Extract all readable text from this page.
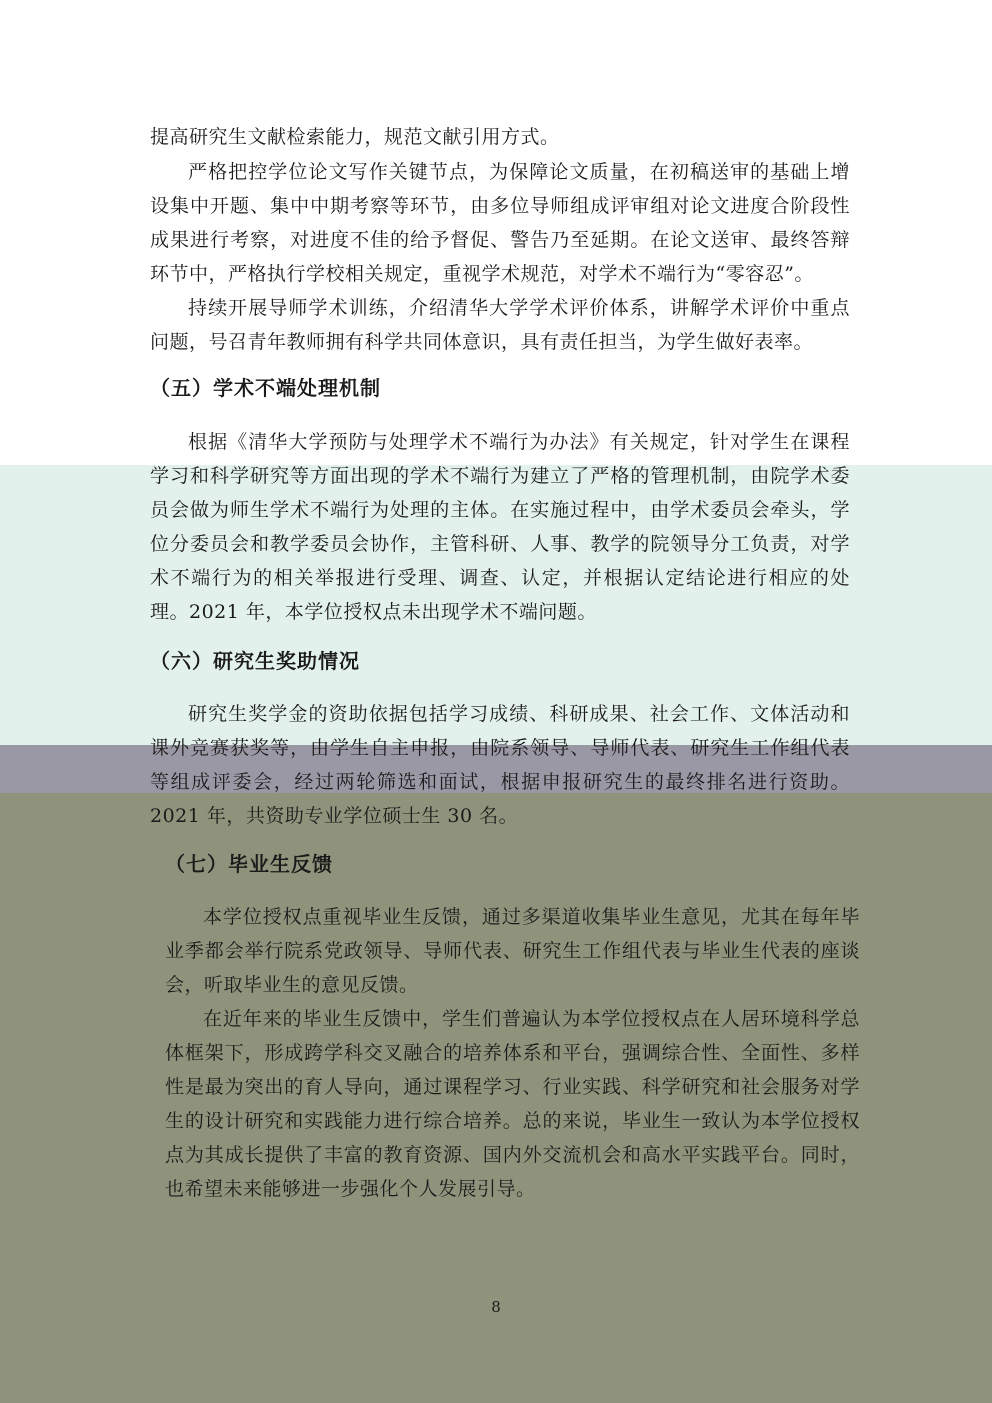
提高研究生文献检索能力，规范文献引用方式。

严格把控学位论文写作关键节点，为保障论文质量，在初稿送审的基础上增设集中开题、集中中期考察等环节，由多位导师组成评审组对论文进度合阶段性成果进行考察，对进度不佳的给予督促、警告乃至延期。在论文送审、最终答辩环节中，严格执行学校相关规定，重视学术规范，对学术不端行为“零容忍”。

持续开展导师学术训练，介绍清华大学学术评价体系，讲解学术评价中重点问题，号召青年教师拥有科学共同体意识，具有责任担当，为学生做好表率。

（五）学术不端处理机制

根据《清华大学预防与处理学术不端行为办法》有关规定，针对学生在课程学习和科学研究等方面出现的学术不端行为建立了严格的管理机制，由院学术委员会做为师生学术不端行为处理的主体。在实施过程中，由学术委员会牵头，学位分委员会和教学委员会协作，主管科研、人事、教学的院领导分工负责，对学术不端行为的相关举报进行受理、调查、认定，并根据认定结论进行相应的处理。2021 年，本学位授权点未出现学术不端问题。

（六）研究生奖助情况

研究生奖学金的资助依据包括学习成绩、科研成果、社会工作、文体活动和课外竞赛获奖等，由学生自主申报，由院系领导、导师代表、研究生工作组代表等组成评委会，经过两轮筛选和面试，根据申报研究生的最终排名进行资助。2021 年，共资助专业学位硕士生 30 名。

（七）毕业生反馈

本学位授权点重视毕业生反馈，通过多渠道收集毕业生意见，尤其在每年毕业季都会举行院系党政领导、导师代表、研究生工作组代表与毕业生代表的座谈会，听取毕业生的意见反馈。

在近年来的毕业生反馈中，学生们普遍认为本学位授权点在人居环境科学总体框架下，形成跨学科交叉融合的培养体系和平台，强调综合性、全面性、多样性是最为突出的育人导向，通过课程学习、行业实践、科学研究和社会服务对学生的设计研究和实践能力进行综合培养。总的来说，毕业生一致认为本学位授权点为其成长提供了丰富的教育资源、国内外交流机会和高水平实践平台。同时，也希望未来能够进一步强化个人发展引导。

8
